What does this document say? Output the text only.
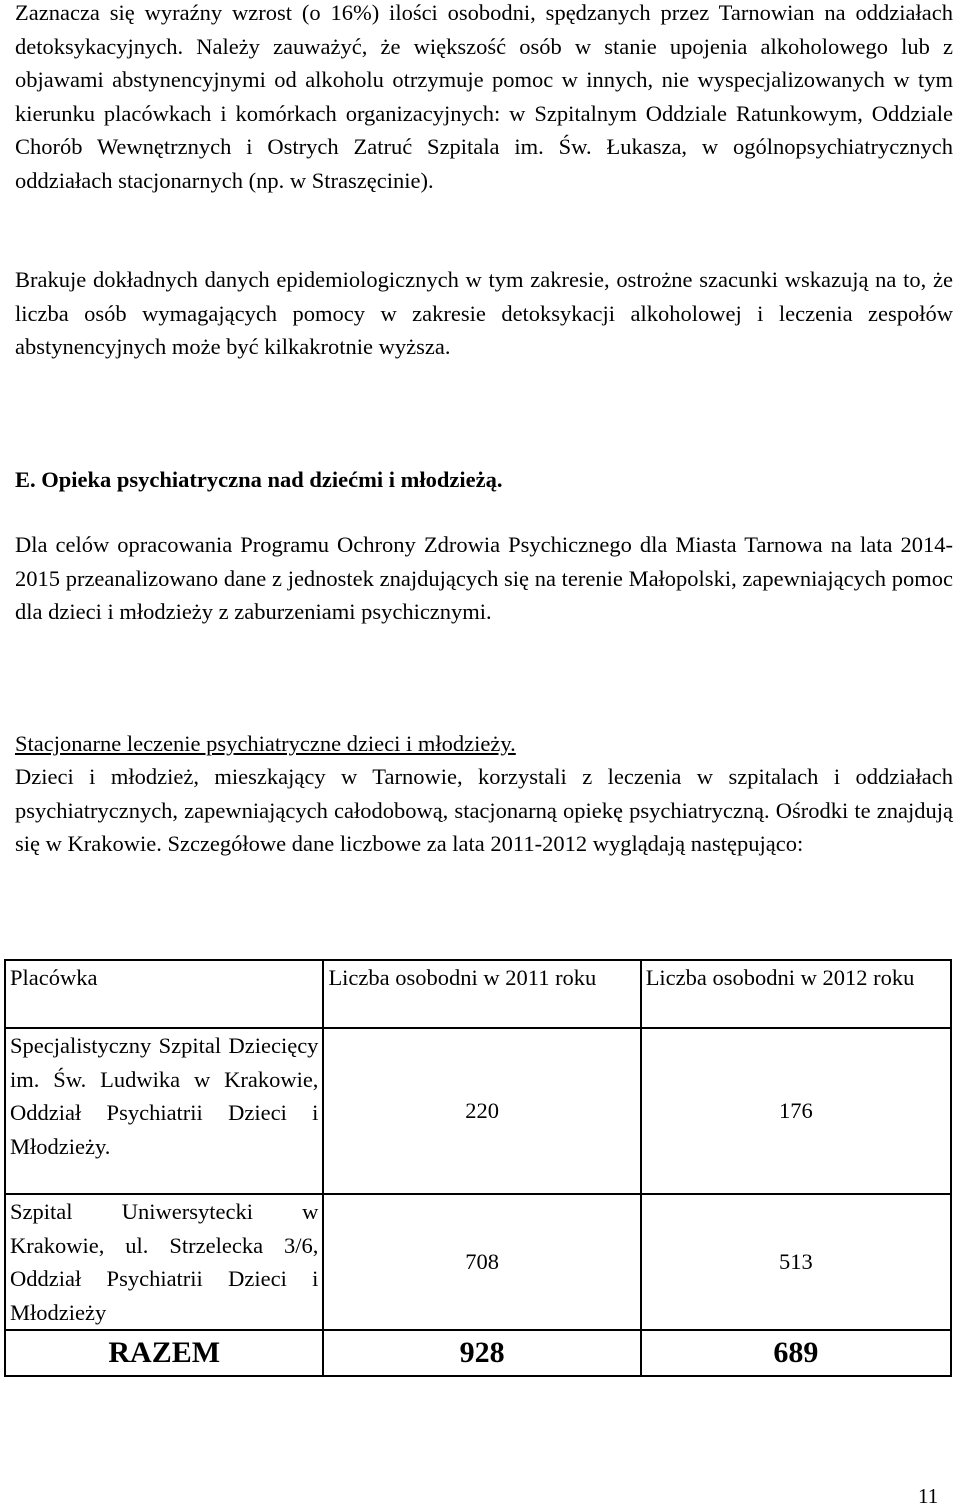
Zaznacza się wyraźny wzrost (o 16%) ilości osobodni, spędzanych przez Tarnowian na oddziałach detoksykacyjnych. Należy zauważyć, że większość osób w stanie upojenia alkoholowego lub z objawami abstynencyjnymi od alkoholu otrzymuje pomoc w innych, nie wyspecjalizowanych w tym kierunku placówkach i komórkach organizacyjnych: w Szpitalnym Oddziale Ratunkowym, Oddziale Chorób Wewnętrznych i Ostrych Zatruć Szpitala im. Św. Łukasza, w ogólnopsychiatrycznych oddziałach stacjonarnych (np. w Straszęcinie).

Brakuje dokładnych danych epidemiologicznych w tym zakresie, ostrożne szacunki wskazują na to, że liczba osób wymagających pomocy w zakresie detoksykacji alkoholowej i leczenia zespołów abstynencyjnych może być kilkakrotnie wyższa.

E. Opieka psychiatryczna nad dziećmi i młodzieżą.

Dla celów opracowania Programu Ochrony Zdrowia Psychicznego dla Miasta Tarnowa na lata 2014-2015 przeanalizowano dane z jednostek znajdujących się na terenie Małopolski, zapewniających pomoc dla dzieci i młodzieży z zaburzeniami psychicznymi.

Stacjonarne leczenie psychiatryczne dzieci i młodzieży.

Dzieci i młodzież, mieszkający w Tarnowie, korzystali z leczenia w szpitalach i oddziałach psychiatrycznych, zapewniających całodobową, stacjonarną opiekę psychiatryczną. Ośrodki te znajdują się w Krakowie. Szczegółowe dane liczbowe za lata 2011-2012 wyglądają następująco:

Placówka	Liczba osobodni w 2011 roku	Liczba osobodni w 2012 roku
Specjalistyczny Szpital Dziecięcy im. Św. Ludwika w Krakowie, Oddział Psychiatrii Dzieci i Młodzieży.	220	176
Szpital Uniwersytecki w Krakowie, ul. Strzelecka 3/6, Oddział Psychiatrii Dzieci i Młodzieży	708	513
RAZEM	928	689
11
